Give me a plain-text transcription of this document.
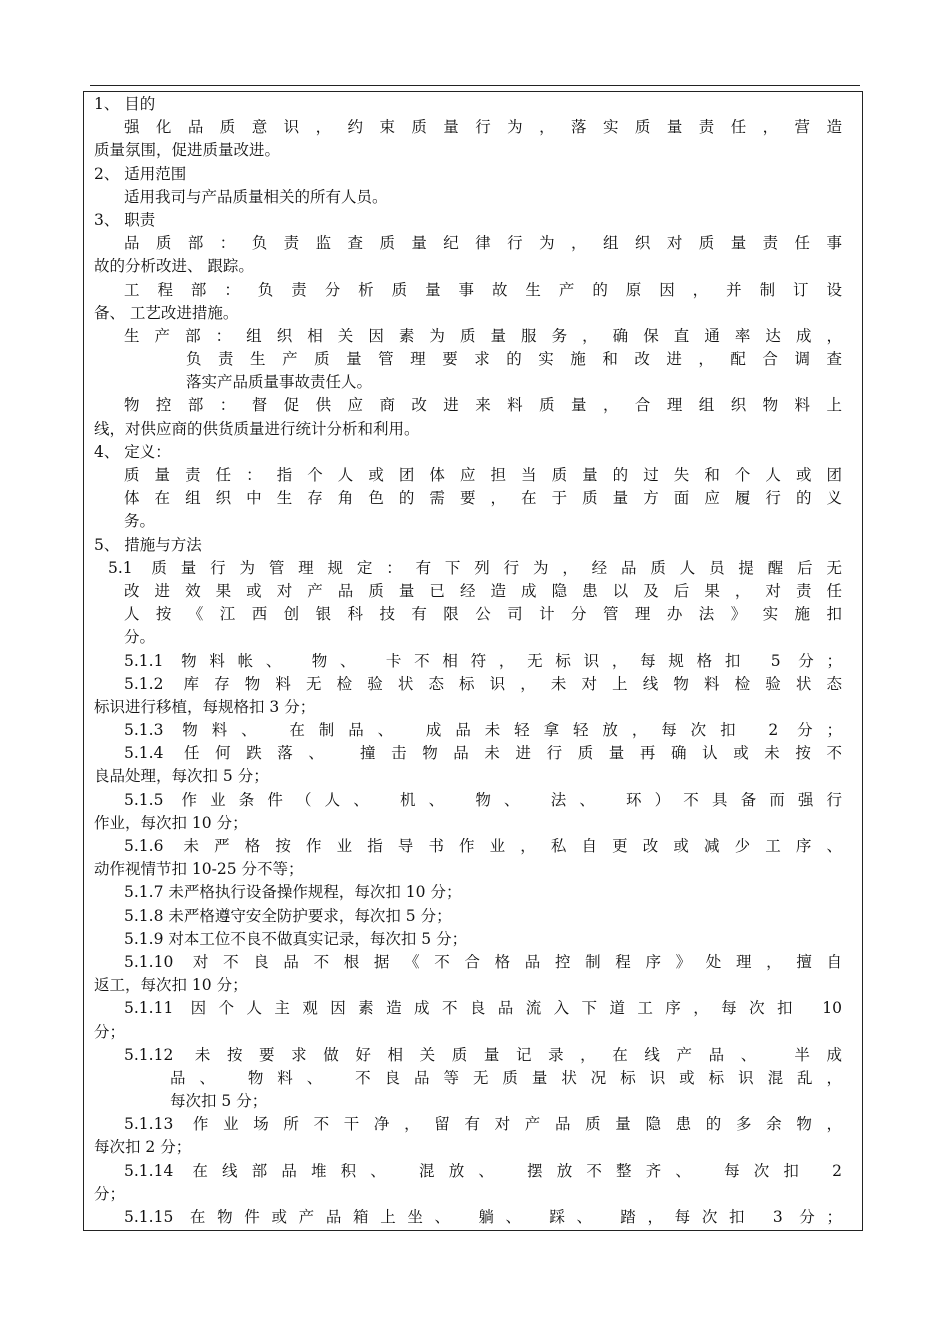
1、 目的
强化品质意识，约束质量行为，落实质量责任，营造
质量氛围，促进质量改进。
2、 适用范围
适用我司与产品质量相关的所有人员。
3、 职责
品质部：负责监查质量纪律行为，组织对质量责任事
故的分析改进、 跟踪。
工程部：负责分析质量事故生产的原因，并制订设
备、 工艺改进措施。
生产部：组织相关因素为质量服务，确保直通率达成，
负责生产质量管理要求的实施和改进，配合调查
落实产品质量事故责任人。
物控部：督促供应商改进来料质量，合理组织物料上
线，对供应商的供货质量进行统计分析和利用。
4、 定义：
质量责任：指个人或团体应担当质量的过失和个人或团
体在组织中生存角色的需要，在于质量方面应履行的义
务。
5、 措施与方法
5.1 质量行为管理规定：有下列行为，经品质人员提醒后无
改进效果或对产品质量已经造成隐患以及后果，对责任
人按《江西创银科技有限公司计分管理办法》实施扣
分。
5.1.1 物料帐、 物、 卡不相符，无标识，每规格扣 5 分；
5.1.2 库存物料无检验状态标识，未对上线物料检验状态
标识进行移植，每规格扣 3 分；
5.1.3 物料、 在制品、 成品未轻拿轻放，每次扣 2 分；
5.1.4 任何跌落、 撞击物品未进行质量再确认或未按不
良品处理，每次扣 5 分；
5.1.5 作业条件（人、 机、 物、 法、 环）不具备而强行
作业，每次扣 10 分；
5.1.6 未严格按作业指导书作业，私自更改或减少工序、
动作视情节扣 10-25 分不等；
5.1.7 未严格执行设备操作规程，每次扣 10 分；
5.1.8 未严格遵守安全防护要求，每次扣 5 分；
5.1.9 对本工位不良不做真实记录，每次扣 5 分；
5.1.10 对不良品不根据《不合格品控制程序》处理，擅自
返工，每次扣 10 分；
5.1.11 因个人主观因素造成不良品流入下道工序，每次扣 10
分；
5.1.12 未按要求做好相关质量记录，在线产品、 半成
品、 物料、 不良品等无质量状况标识或标识混乱，
每次扣 5 分；
5.1.13 作业场所不干净，留有对产品质量隐患的多余物，
每次扣 2 分；
5.1.14 在线部品堆积、 混放、 摆放不整齐、 每次扣 2
分；
5.1.15 在物件或产品箱上坐、 躺、 踩、 踏，每次扣 3 分；
